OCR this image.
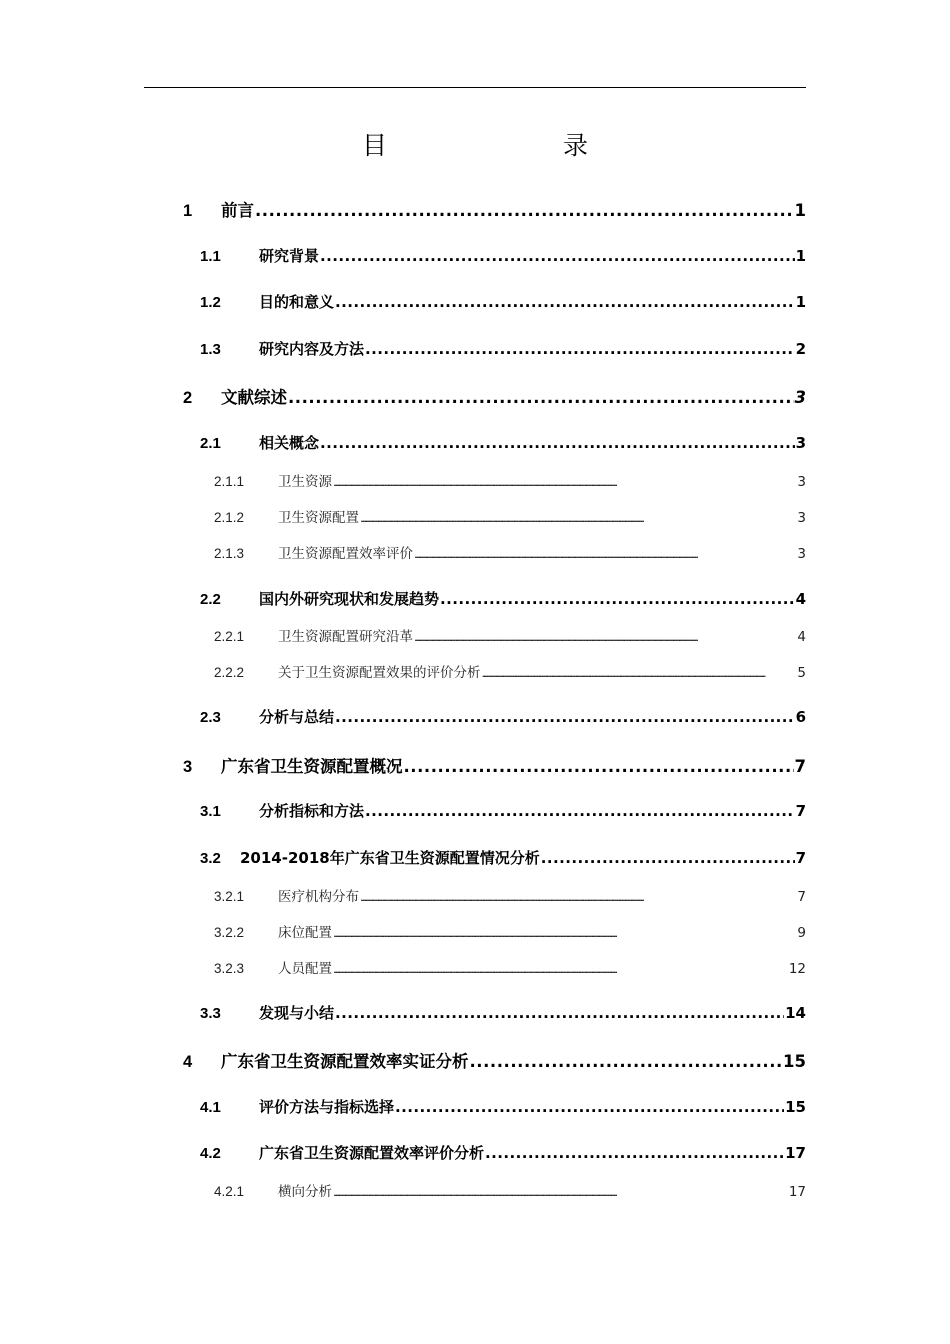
目　　录
1	前言 . . .	1
1.1	研究背景 . . .	1
1.2	目的和意义 . . .	1
1.3	研究内容及方法 . . .	2
2	文献综述 . . .	3
2.1	相关概念 . . .	3
2.1.1	卫生资源 . . .	3
2.1.2	卫生资源配置 . . .	3
2.1.3	卫生资源配置效率评价 . . .	3
2.2	国内外研究现状和发展趋势 . . .	4
2.2.1	卫生资源配置研究沿革 . . .	4
2.2.2	关于卫生资源配置效果的评价分析 . . .	5
2.3	分析与总结 . . .	6
3	广东省卫生资源配置概况 . . .	7
3.1	分析指标和方法 . . .	7
3.2	2014-2018年广东省卫生资源配置情况分析 . . .	7
3.2.1	医疗机构分布 . . .	7
3.2.2	床位配置 . . .	9
3.2.3	人员配置 . . .	12
3.3	发现与小结 . . .	14
4	广东省卫生资源配置效率实证分析 . . .	15
4.1	评价方法与指标选择 . . .	15
4.2	广东省卫生资源配置效率评价分析 . . .	17
4.2.1	横向分析 . . .	17
